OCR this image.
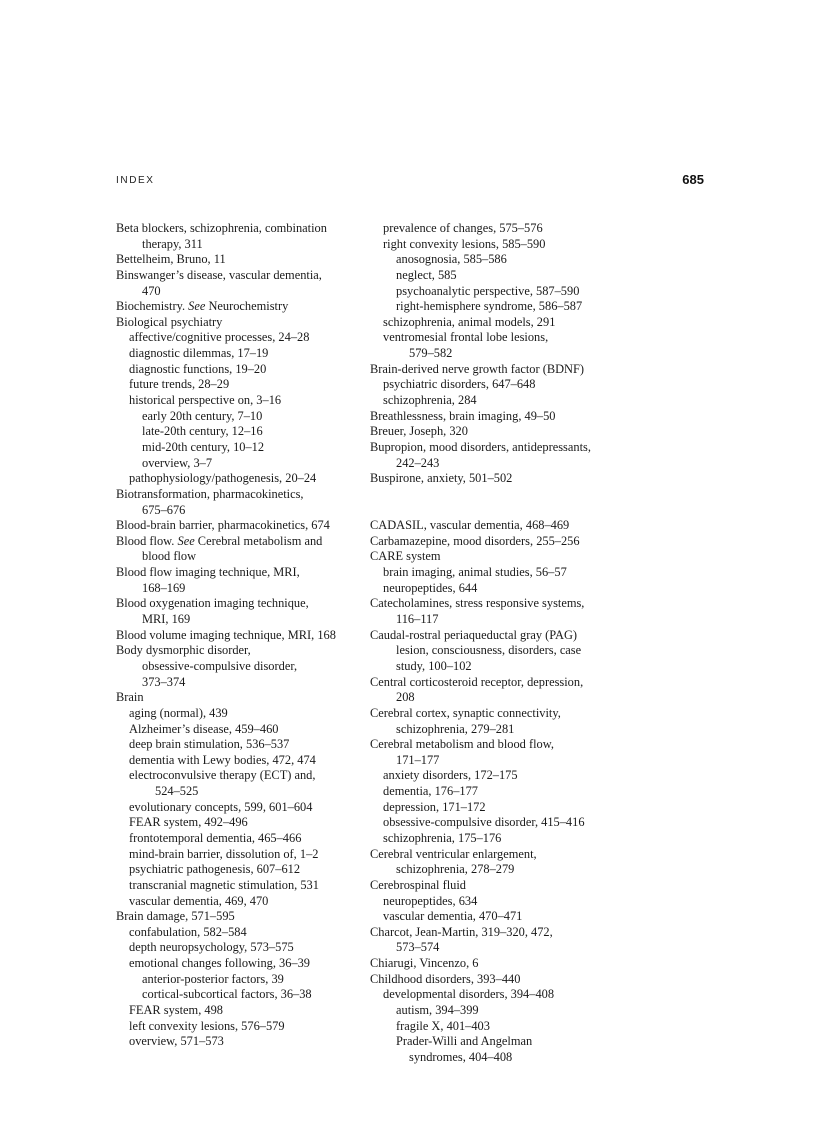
INDEX	685
Beta blockers, schizophrenia, combination
therapy, 311
Bettelheim, Bruno, 11
Binswanger’s disease, vascular dementia,
470
Biochemistry. See Neurochemistry
Biological psychiatry
affective/cognitive processes, 24–28
diagnostic dilemmas, 17–19
diagnostic functions, 19–20
future trends, 28–29
historical perspective on, 3–16
early 20th century, 7–10
late-20th century, 12–16
mid-20th century, 10–12
overview, 3–7
pathophysiology/pathogenesis, 20–24
Biotransformation, pharmacokinetics,
675–676
Blood-brain barrier, pharmacokinetics, 674
Blood flow. See Cerebral metabolism and
blood flow
Blood flow imaging technique, MRI,
168–169
Blood oxygenation imaging technique,
MRI, 169
Blood volume imaging technique, MRI, 168
Body dysmorphic disorder,
obsessive-compulsive disorder,
373–374
Brain
aging (normal), 439
Alzheimer’s disease, 459–460
deep brain stimulation, 536–537
dementia with Lewy bodies, 472, 474
electroconvulsive therapy (ECT) and,
524–525
evolutionary concepts, 599, 601–604
FEAR system, 492–496
frontotemporal dementia, 465–466
mind-brain barrier, dissolution of, 1–2
psychiatric pathogenesis, 607–612
transcranial magnetic stimulation, 531
vascular dementia, 469, 470
Brain damage, 571–595
confabulation, 582–584
depth neuropsychology, 573–575
emotional changes following, 36–39
anterior-posterior factors, 39
cortical-subcortical factors, 36–38
FEAR system, 498
left convexity lesions, 576–579
overview, 571–573
prevalence of changes, 575–576
right convexity lesions, 585–590
anosognosia, 585–586
neglect, 585
psychoanalytic perspective, 587–590
right-hemisphere syndrome, 586–587
schizophrenia, animal models, 291
ventromesial frontal lobe lesions,
579–582
Brain-derived nerve growth factor (BDNF)
psychiatric disorders, 647–648
schizophrenia, 284
Breathlessness, brain imaging, 49–50
Breuer, Joseph, 320
Bupropion, mood disorders, antidepressants,
242–243
Buspirone, anxiety, 501–502
CADASIL, vascular dementia, 468–469
Carbamazepine, mood disorders, 255–256
CARE system
brain imaging, animal studies, 56–57
neuropeptides, 644
Catecholamines, stress responsive systems,
116–117
Caudal-rostral periaqueductal gray (PAG)
lesion, consciousness, disorders, case
study, 100–102
Central corticosteroid receptor, depression,
208
Cerebral cortex, synaptic connectivity,
schizophrenia, 279–281
Cerebral metabolism and blood flow,
171–177
anxiety disorders, 172–175
dementia, 176–177
depression, 171–172
obsessive-compulsive disorder, 415–416
schizophrenia, 175–176
Cerebral ventricular enlargement,
schizophrenia, 278–279
Cerebrospinal fluid
neuropeptides, 634
vascular dementia, 470–471
Charcot, Jean-Martin, 319–320, 472,
573–574
Chiarugi, Vincenzo, 6
Childhood disorders, 393–440
developmental disorders, 394–408
autism, 394–399
fragile X, 401–403
Prader-Willi and Angelman
syndromes, 404–408
